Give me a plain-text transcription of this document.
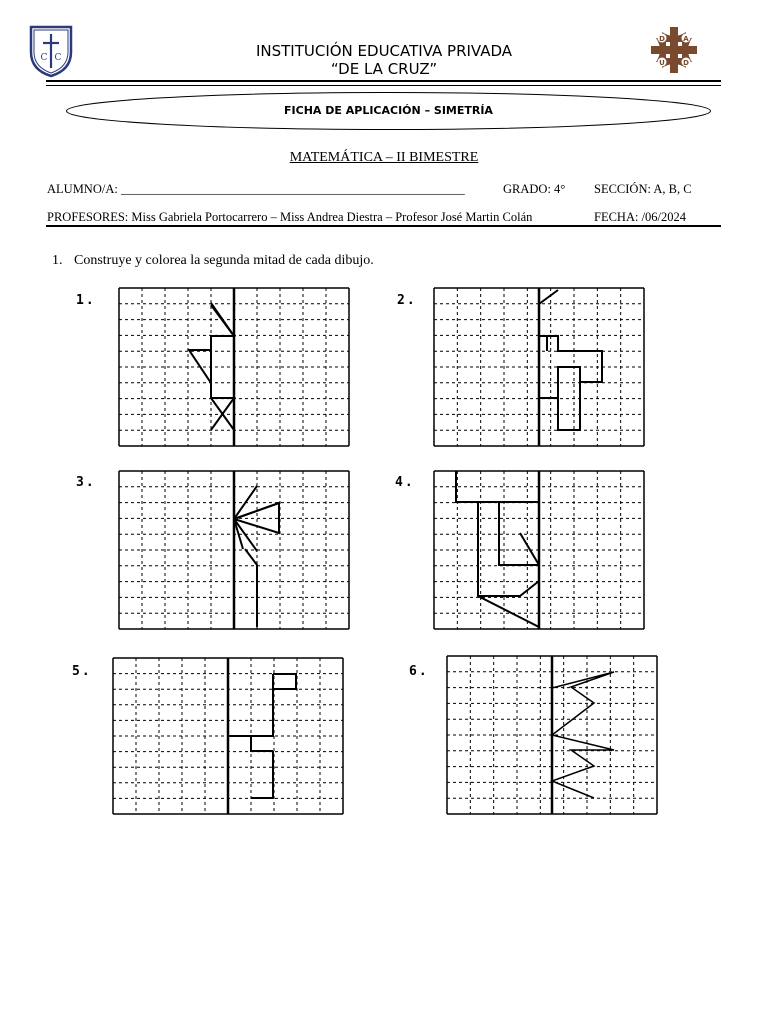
C C
D	A
U	D
INSTITUCIÓN EDUCATIVA PRIVADA
“DE LA CRUZ”
FICHA DE APLICACIÓN – SIMETRÍA
MATEMÁTICA – II BIMESTRE
ALUMNO/A: _______________________________________________________	GRADO: 4° SECCIÓN: A, B, C
PROFESORES: Miss Gabriela Portocarrero – Miss Andrea Diestra – Profesor José Martin Colán	FECHA: /06/2024
1. Construye y colorea la segunda mitad de cada dibujo.
1.	2.
3.	4.
5.	6.
